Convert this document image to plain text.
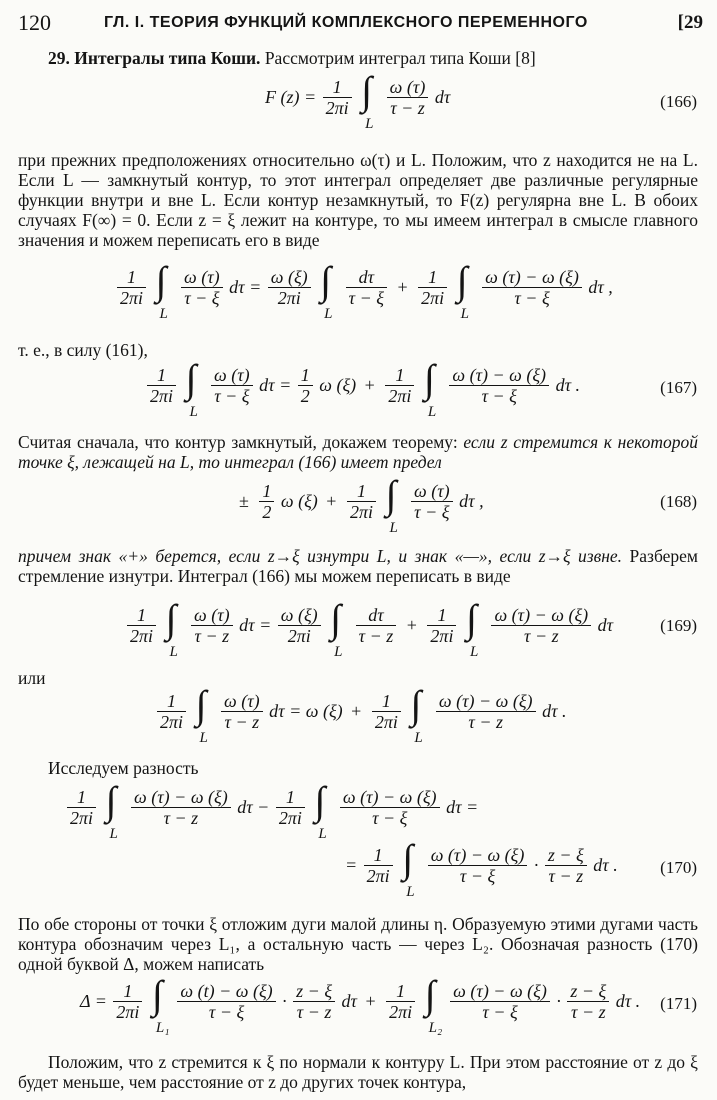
120	ГЛ. I. ТЕОРИЯ ФУНКЦИЙ КОМПЛЕКСНОГО ПЕРЕМЕННОГО	[29

29. Интегралы типа Коши. Рассмотрим интеграл типа Коши [8]

F $(z) = \frac{1}{2\pi i}$
∫
L

$\frac{\omega (\tau)}{\tau - z}$ dτ	(166)

при прежних предположениях относительно ω(τ) и L. Положим, что z находится не на L. Если L — замкнутый контур, то этот интеграл определяет две различные регулярные функции внутри и вне L. Если контур незамкнутый, то F(z) регулярна вне L. В обоих случаях F(∞) = 0. Если z = ξ лежит на контуре, то мы имеем интеграл в смысле главного значения и можем переписать его в виде

$\frac{1}{2\pi i}$
∫
L

$\frac{\omega (\tau)}{\tau - \xi}$ $d\tau = \frac{\omega (\xi)}{2\pi i}$
∫
L

$\frac{d\tau}{\tau - \xi} + \frac{1}{2\pi i}$
∫
L

$\frac{\omega (\tau) - \omega (\xi)}{\tau - \xi}$ dτ ,

т. е., в силу (161),

$\frac{1}{2\pi i}$
∫
L

$\frac{\omega (\tau)}{\tau - \xi}$ $d\tau = \frac{1}{2}$ ω $(\xi) + \frac{1}{2\pi i}$
∫
L

$\frac{\omega (\tau) - \omega (\xi)}{\tau - \xi}$ dτ .	(167)

Считая сначала, что контур замкнутый, докажем теорему: если z стремится к некоторой точке ξ, лежащей на L, то интеграл (166) имеет предел

± $\frac{1}{2}$ ω $(\xi) + \frac{1}{2\pi i}$
∫
L

$\frac{\omega (\tau)}{\tau - \xi}$ dτ ,	(168)

причем знак «+» берется, если z→ξ изнутри L, и знак «—», если z→ξ извне. Разберем стремление изнутри. Интеграл (166) мы можем переписать в виде

$\frac{1}{2\pi i}$
∫
L

$\frac{\omega (\tau)}{\tau - z}$ $d\tau = \frac{\omega (\xi)}{2\pi i}$
∫
L

$\frac{d\tau}{\tau - z} + \frac{1}{2\pi i}$
∫
L

$\frac{\omega (\tau) - \omega (\xi)}{\tau - z}$ dτ	(169)

или

$\frac{1}{2\pi i}$
∫
L

$\frac{\omega (\tau)}{\tau - z}$ dτ = ω $(\xi) + \frac{1}{2\pi i}$
∫
L

$\frac{\omega (\tau) - \omega (\xi)}{\tau - z}$ dτ .

Исследуем разность

$\frac{1}{2\pi i}$
∫
L

$\frac{\omega (\tau) - \omega (\xi)}{\tau - z}$ $d\tau - \frac{1}{2\pi i}$
∫
L

$\frac{\omega (\tau) - \omega (\xi)}{\tau - \xi}$ dτ =
= $\frac{1}{2\pi i}$
∫
L

$\frac{\omega (\tau) - \omega (\xi)}{\tau - \xi} \cdot \frac{z - \xi}{\tau - z}$ dτ . (170)

По обе стороны от точки ξ отложим дуги малой длины η. Образуемую этими дугами часть контура обозначим через L₁, а остальную часть — через L₂. Обозначая разность (170) одной буквой Δ, можем написать

$\Delta = \frac{1}{2\pi i}$
∫
L₁

$\frac{\omega (t) - \omega (\xi)}{\tau - \xi} \cdot \frac{z - \xi}{\tau - z}$ $d\tau + \frac{1}{2\pi i}$
∫
L₂

$\frac{\omega (\tau) - \omega (\xi)}{\tau - \xi} \cdot \frac{z - \xi}{\tau - z}$ dτ . (171)

Положим, что z стремится к ξ по нормали к контуру L. При этом расстояние от z до ξ будет меньше, чем расстояние от z до других точек контура,
